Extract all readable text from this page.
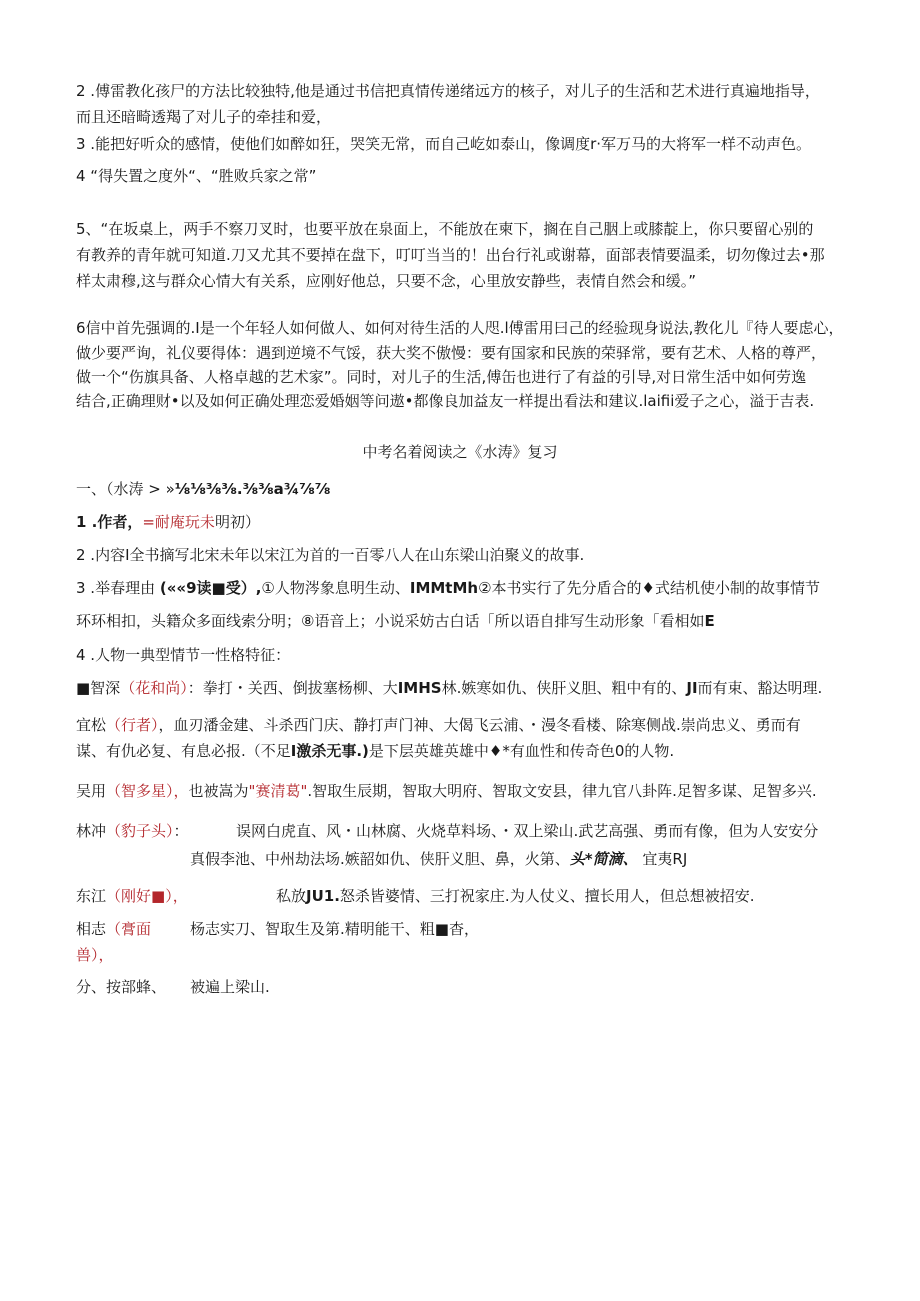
2 .傅雷教化孩尸的方法比较独特,他是通过书信把真情传递绪远方的核子，对儿子的生活和艺术进行真遍地指导，
而且还暗畸透羯了对儿子的牵挂和爱，
3 .能把好听众的感情，使他们如醉如狂，哭笑无常，而自己屹如泰山，像调度r·军万马的大将军一样不动声色。
4 “得失置之度外“、“胜败兵家之常”
5、“在坂桌上，两手不察刀叉时，也要平放在泉面上，不能放在柬下，搁在自己胭上或膝靛上，你只要留心别的
有教养的青年就可知道.刀又尤其不要掉在盘下，叮叮当当的！出台行礼或谢幕，面部表情要温柔，切勿像过去•那
样太肃穆,这与群众心情大有关系，应刚好他总，只要不念，心里放安静些，表情自然会和缓。”
6信中首先强调的.I是一个年轻人如何做人、如何对待生活的人咫.l傅雷用曰己的经验现身说法,教化儿『待人要虑心，
做少要严询，礼仪要得体：遇到逆境不气馁，获大奖不傲慢：要有国家和民族的荣驿常，要有艺术、人格的尊严，
做一个“伤旗具备、人格卓越的艺术家”。同时，对儿子的生活,傅缶也进行了有益的引导,对日常生活中如何劳逸
结合,正确理财•以及如何正确处理恋爱婚姻等问遨•都像良加益友一样提出看法和建议.laifii爱子之心，溢于吉表.
中考名着阅读之《水涛》复习
一、（水涛 > »⅛⅛⅜⅜.⅜⅜a¾⅞⅞
1 .作者，=耐庵玩未明初）
2 .内容I全书摘写北宋未年以宋江为首的一百零八人在山东梁山泊聚义的故事.
3 .举春理由 (««9读■受）,①人物涔象息明生动、IMMtMh②本书实行了先分盾合的♦式结机使小制的故事情节
环环相扣，头籍众多面线索分明；⑧语音上；小说采妨古白话「所以语自排写生动形象「看相如E
4 .人物一典型情节一性格特征：
■智深（花和尚）：拳打・关西、倒拔塞杨柳、大IMHS林.嫉寒如仇、侠肝义胆、粗中有的、JI而有束、豁达明理.
宜松（行者），血刃潘金建、斗杀西门庆、静打声门神、大偈飞云浦、・漫冬看楼、除寒侧战.崇尚忠义、勇而有
谋、有仇必复、有息必报.（不足I激杀无事.)是下层英雄英雄中♦*有血性和传奇色0的人物.
吴用（智多星），也被嵩为"赛清葛".智取生辰期，智取大明府、智取文安县，律九官八卦阵.足智多谋、足智多兴.
林冲（豹子头）：	误网白虎直、风・山林腐、火烧草料场、・双上梁山.武艺高强、勇而有像，但为人安安分
真假李池、中州劫法场.嫉韶如仇、侠肝义胆、鼻，火第、头*简滴、 宜夷RJ
东江（刚好■），	私放JU1.怒杀皆婆情、三打祝家庄.为人仗义、擅长用人，但总想被招安.
相志（膏面	杨志实刀、智取生及第.精明能干、粗■杳，
兽），
分、按部蜂、 被遍上梁山.
